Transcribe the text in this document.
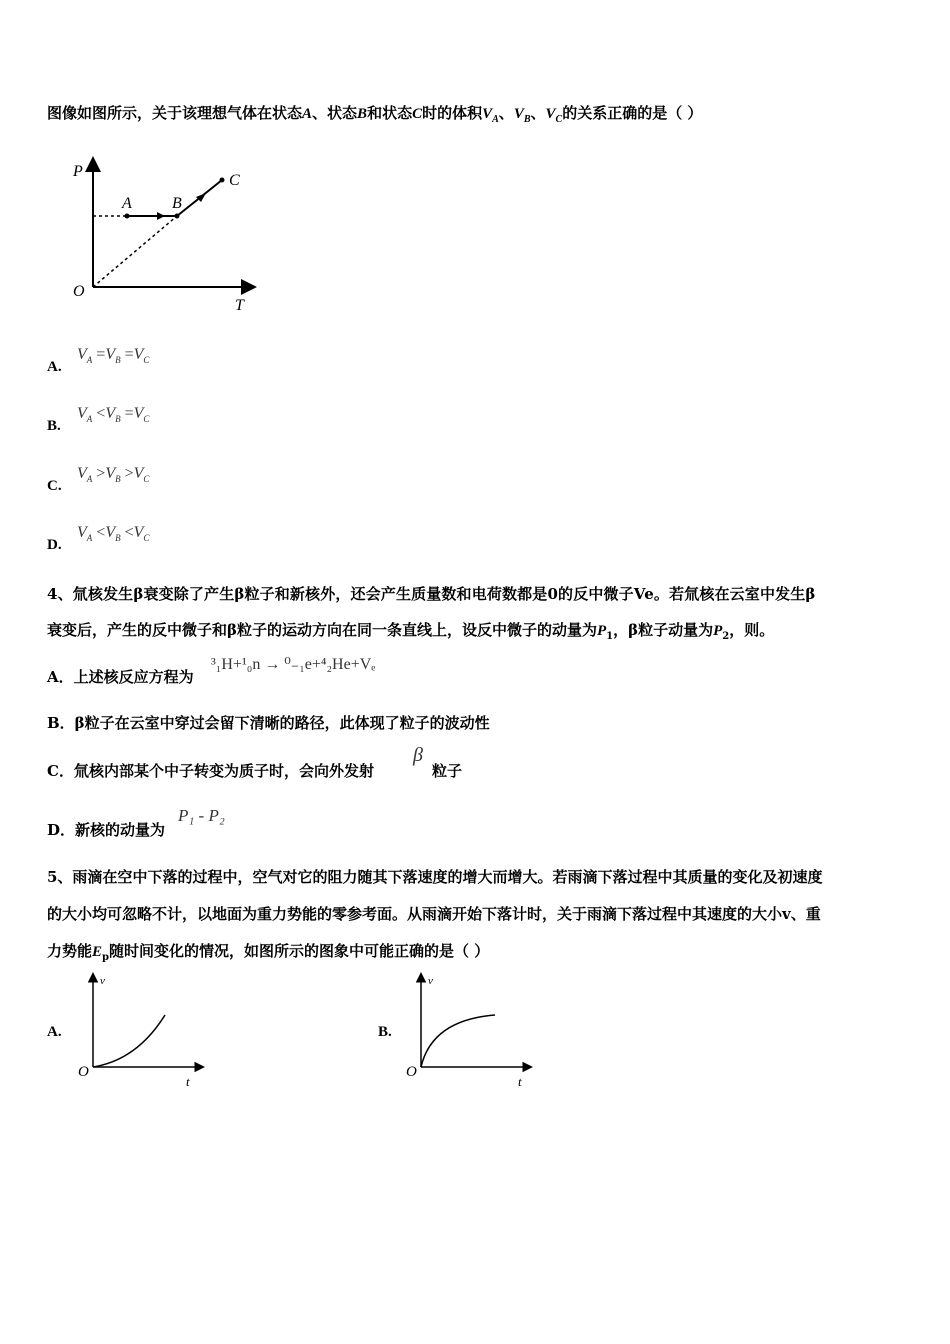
图像如图所示，关于该理想气体在状态A、状态B和状态C时的体积$V_A$、$V_B$、$V_C$的关系正确的是（ ）
P
T
O
A	B
C
A.
$V_A =V_B =V_C$
B.
$V_A <V_B =V_C$
C.
$V_A >V_B >V_C$
D.
$V_A <V_B <V_C$
4、氚核发生β衰变除了产生β粒子和新核外，还会产生质量数和电荷数都是0的反中微子Ve。若氚核在云室中发生β
衰变后，产生的反中微子和β粒子的运动方向在同一条直线上，设反中微子的动量为$P_1$，β粒子动量为$P_2$，则。
A．上述核反应方程为
³₁H+¹₀n → ⁰₋₁e+⁴₂He+Vₑ
B．β粒子在云室中穿过会留下清晰的路径，此体现了粒子的波动性
C．氚核内部某个中子转变为质子时，会向外发射
β
粒子
D．新核的动量为
P₁ - P₂
5、雨滴在空中下落的过程中，空气对它的阻力随其下落速度的增大而增大。若雨滴下落过程中其质量的变化及初速度
的大小均可忽略不计，以地面为重力势能的零参考面。从雨滴开始下落计时，关于雨滴下落过程中其速度的大小v、重
力势能$E_p$随时间变化的情况，如图所示的图象中可能正确的是（ ）
A.
v
t
O
B.
v
t
O
